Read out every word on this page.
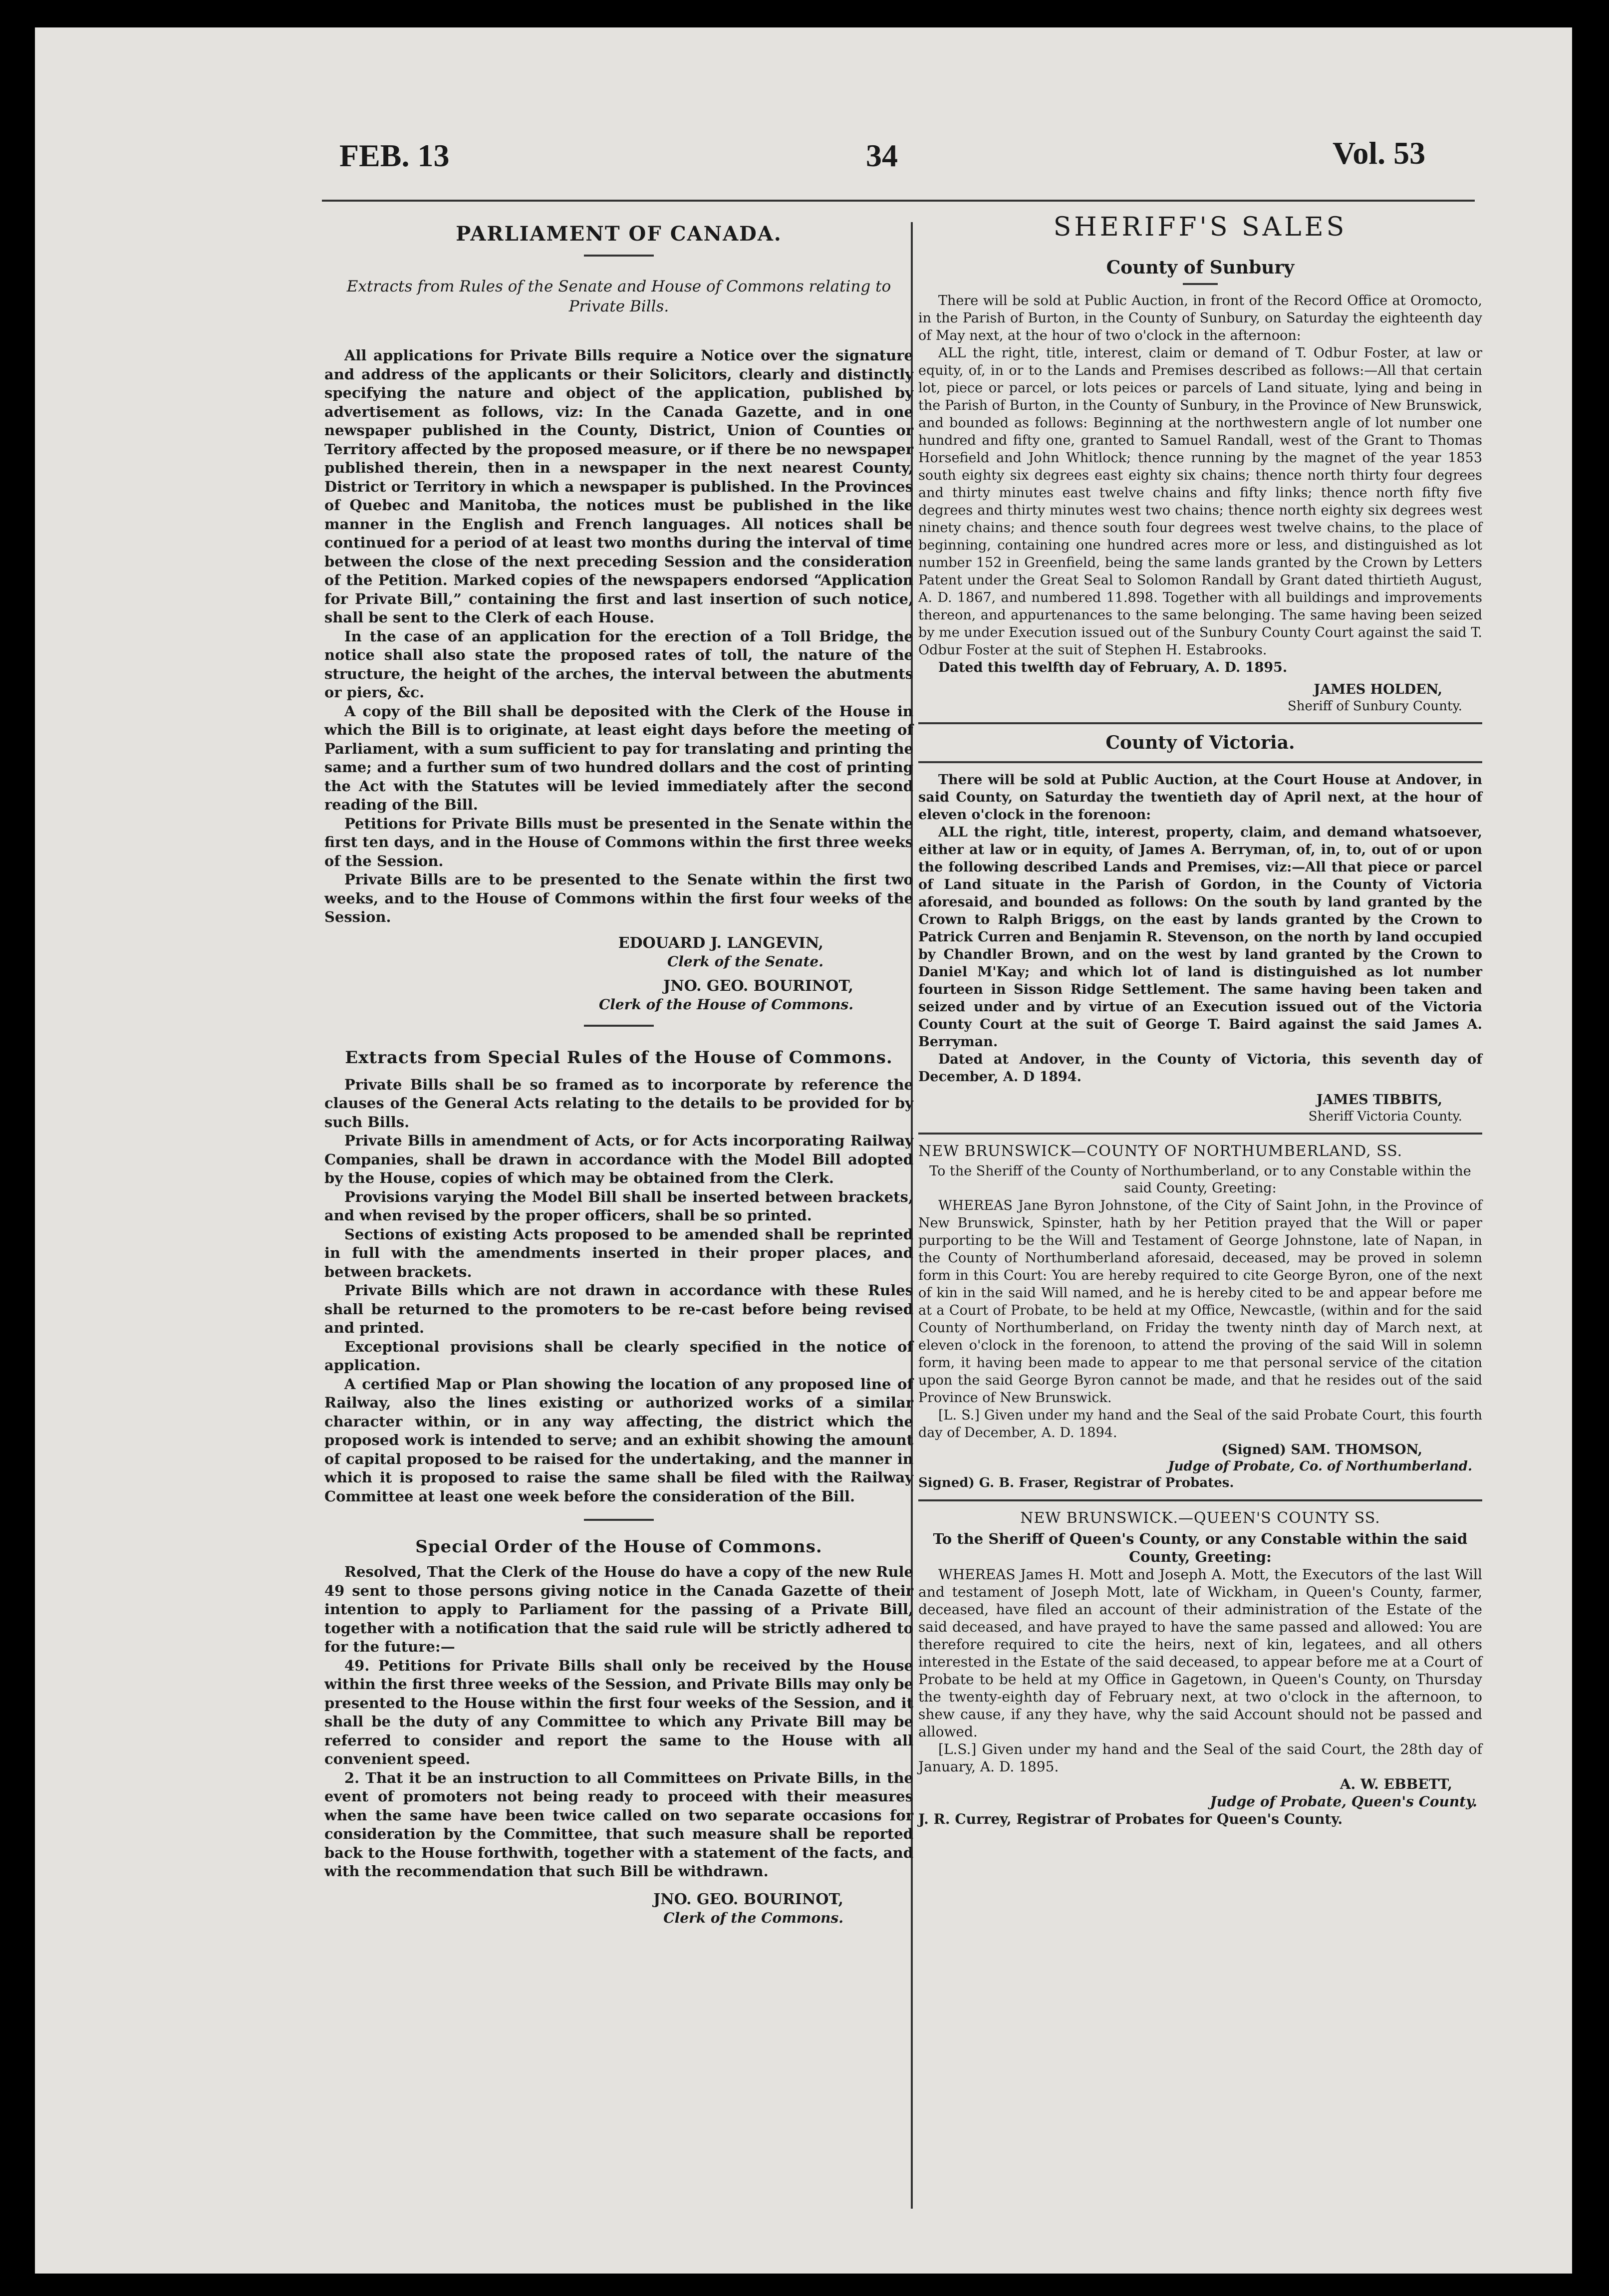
FEB. 13	34	Vol. 53
PARLIAMENT OF CANADA.
Extracts from Rules of the Senate and House of Commons relating to Private Bills.

All applications for Private Bills require a Notice over the signature and address of the applicants or their Solicitors, clearly and distinctly specifying the nature and object of the application, published by advertisement as follows, viz: In the Canada Gazette, and in one newspaper published in the County, District, Union of Counties or Territory affected by the proposed measure, or if there be no newspaper published therein, then in a newspaper in the next nearest County, District or Territory in which a newspaper is published. In the Provinces of Quebec and Manitoba, the notices must be published in the like manner in the English and French languages. All notices shall be continued for a period of at least two months during the interval of time between the close of the next preceding Session and the consideration of the Petition. Marked copies of the newspapers endorsed “Application for Private Bill,” containing the first and last insertion of such notice, shall be sent to the Clerk of each House.

In the case of an application for the erection of a Toll Bridge, the notice shall also state the proposed rates of toll, the nature of the structure, the height of the arches, the interval between the abutments or piers, &c.

A copy of the Bill shall be deposited with the Clerk of the House in which the Bill is to originate, at least eight days before the meeting of Parliament, with a sum sufficient to pay for translating and printing the same; and a further sum of two hundred dollars and the cost of printing the Act with the Statutes will be levied immediately after the second reading of the Bill.

Petitions for Private Bills must be presented in the Senate within the first ten days, and in the House of Commons within the first three weeks of the Session.

Private Bills are to be presented to the Senate within the first two weeks, and to the House of Commons within the first four weeks of the Session.

EDOUARD J. LANGEVIN,
Clerk of the Senate.
JNO. GEO. BOURINOT,
Clerk of the House of Commons.
Extracts from Special Rules of the House of Commons.

Private Bills shall be so framed as to incorporate by reference the clauses of the General Acts relating to the details to be provided for by such Bills.

Private Bills in amendment of Acts, or for Acts incorporating Railway Companies, shall be drawn in accordance with the Model Bill adopted by the House, copies of which may be obtained from the Clerk.

Provisions varying the Model Bill shall be inserted between brackets, and when revised by the proper officers, shall be so printed.

Sections of existing Acts proposed to be amended shall be reprinted in full with the amendments inserted in their proper places, and between brackets.

Private Bills which are not drawn in accordance with these Rules shall be returned to the promoters to be re-cast before being revised and printed.

Exceptional provisions shall be clearly specified in the notice of application.

A certified Map or Plan showing the location of any proposed line of Railway, also the lines existing or authorized works of a similar character within, or in any way affecting, the district which the proposed work is intended to serve; and an exhibit showing the amount of capital proposed to be raised for the undertaking, and the manner in which it is proposed to raise the same shall be filed with the Railway Committee at least one week before the consideration of the Bill.

Special Order of the House of Commons.

Resolved, That the Clerk of the House do have a copy of the new Rule 49 sent to those persons giving notice in the Canada Gazette of their intention to apply to Parliament for the passing of a Private Bill, together with a notification that the said rule will be strictly adhered to for the future:—

49. Petitions for Private Bills shall only be received by the House within the first three weeks of the Session, and Private Bills may only be presented to the House within the first four weeks of the Session, and it shall be the duty of any Committee to which any Private Bill may be referred to consider and report the same to the House with all convenient speed.

2. That it be an instruction to all Committees on Private Bills, in the event of promoters not being ready to proceed with their measures when the same have been twice called on two separate occasions for consideration by the Committee, that such measure shall be reported back to the House forthwith, together with a statement of the facts, and with the recommendation that such Bill be withdrawn.

JNO. GEO. BOURINOT,
Clerk of the Commons.
SHERIFF'S SALES
County of Sunbury

There will be sold at Public Auction, in front of the Record Office at Oromocto, in the Parish of Burton, in the County of Sunbury, on Saturday the eighteenth day of May next, at the hour of two o'clock in the afternoon:

ALL the right, title, interest, claim or demand of T. Odbur Foster, at law or equity, of, in or to the Lands and Premises described as follows:—All that certain lot, piece or parcel, or lots peices or parcels of Land situate, lying and being in the Parish of Burton, in the County of Sunbury, in the Province of New Brunswick, and bounded as follows: Beginning at the northwestern angle of lot number one hundred and fifty one, granted to Samuel Randall, west of the Grant to Thomas Horsefield and John Whitlock; thence running by the magnet of the year 1853 south eighty six degrees east eighty six chains; thence north thirty four degrees and thirty minutes east twelve chains and fifty links; thence north fifty five degrees and thirty minutes west two chains; thence north eighty six degrees west ninety chains; and thence south four degrees west twelve chains, to the place of beginning, containing one hundred acres more or less, and distinguished as lot number 152 in Greenfield, being the same lands granted by the Crown by Letters Patent under the Great Seal to Solomon Randall by Grant dated thirtieth August, A. D. 1867, and numbered 11.898. Together with all buildings and improvements thereon, and appurtenances to the same belonging. The same having been seized by me under Execution issued out of the Sunbury County Court against the said T. Odbur Foster at the suit of Stephen H. Estabrooks.

Dated this twelfth day of February, A. D. 1895.

JAMES HOLDEN,
Sheriff of Sunbury County.
County of Victoria.

There will be sold at Public Auction, at the Court House at Andover, in said County, on Saturday the twentieth day of April next, at the hour of eleven o'clock in the forenoon:

ALL the right, title, interest, property, claim, and demand whatsoever, either at law or in equity, of James A. Berryman, of, in, to, out of or upon the following described Lands and Premises, viz:—All that piece or parcel of Land situate in the Parish of Gordon, in the County of Victoria aforesaid, and bounded as follows: On the south by land granted by the Crown to Ralph Briggs, on the east by lands granted by the Crown to Patrick Curren and Benjamin R. Stevenson, on the north by land occupied by Chandler Brown, and on the west by land granted by the Crown to Daniel M'Kay; and which lot of land is distinguished as lot number fourteen in Sisson Ridge Settlement. The same having been taken and seized under and by virtue of an Execution issued out of the Victoria County Court at the suit of George T. Baird against the said James A. Berryman.

Dated at Andover, in the County of Victoria, this seventh day of December, A. D 1894.

JAMES TIBBITS,
Sheriff Victoria County.
NEW BRUNSWICK—COUNTY OF NORTHUMBERLAND, SS.
To the Sheriff of the County of Northumberland, or to any Constable within the said County, Greeting:

WHEREAS Jane Byron Johnstone, of the City of Saint John, in the Province of New Brunswick, Spinster, hath by her Petition prayed that the Will or paper purporting to be the Will and Testament of George Johnstone, late of Napan, in the County of Northumberland aforesaid, deceased, may be proved in solemn form in this Court: You are hereby required to cite George Byron, one of the next of kin in the said Will named, and he is hereby cited to be and appear before me at a Court of Probate, to be held at my Office, Newcastle, (within and for the said County of Northumberland, on Friday the twenty ninth day of March next, at eleven o'clock in the forenoon, to attend the proving of the said Will in solemn form, it having been made to appear to me that personal service of the citation upon the said George Byron cannot be made, and that he resides out of the said Province of New Brunswick.

[L. S.] Given under my hand and the Seal of the said Probate Court, this fourth day of December, A. D. 1894.

(Signed) SAM. THOMSON,
Judge of Probate, Co. of Northumberland.
Signed) G. B. Fraser, Registrar of Probates.
NEW BRUNSWICK.—QUEEN'S COUNTY SS.
To the Sheriff of Queen's County, or any Constable within the said County, Greeting:

WHEREAS James H. Mott and Joseph A. Mott, the Executors of the last Will and testament of Joseph Mott, late of Wickham, in Queen's County, farmer, deceased, have filed an account of their administration of the Estate of the said deceased, and have prayed to have the same passed and allowed: You are therefore required to cite the heirs, next of kin, legatees, and all others interested in the Estate of the said deceased, to appear before me at a Court of Probate to be held at my Office in Gagetown, in Queen's County, on Thursday the twenty-eighth day of February next, at two o'clock in the afternoon, to shew cause, if any they have, why the said Account should not be passed and allowed.

[L.S.] Given under my hand and the Seal of the said Court, the 28th day of January, A. D. 1895.

A. W. EBBETT,
Judge of Probate, Queen's County.
J. R. Currey, Registrar of Probates for Queen's County.
